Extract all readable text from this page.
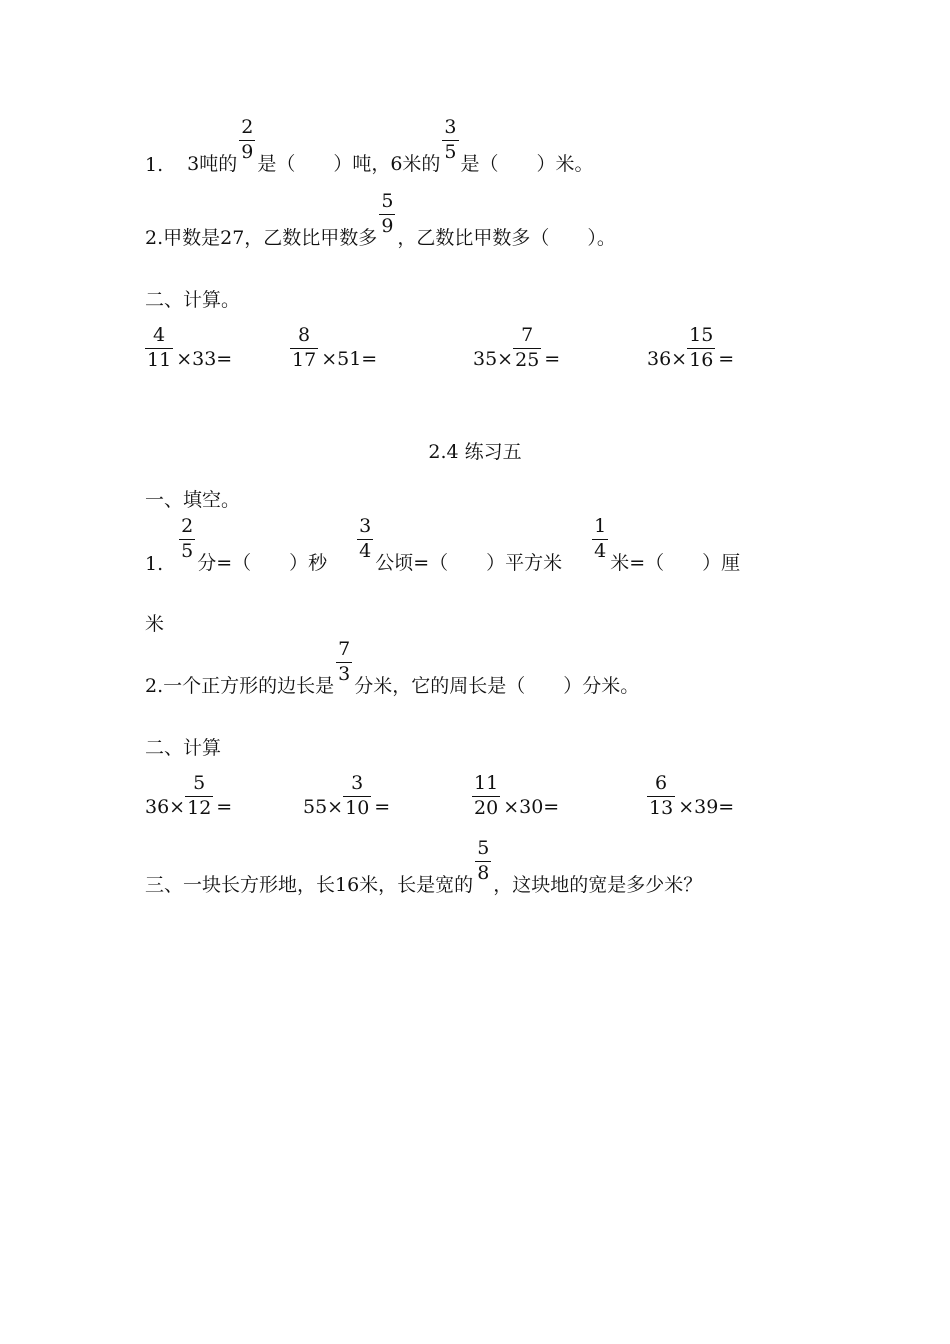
1. 3吨的
$\frac{2}{9}$
是（　　）吨，6米的
$\frac{3}{5}$
是（　　）米。
2.甲数是27，乙数比甲数多
$\frac{5}{9}$
，乙数比甲数多（　　）。
二、计算。
$\frac{4}{11} \times 33=$	$\frac{8}{17} \times 51=$	$35\times \frac{7}{25}$ =	$36\times \frac{15}{16}$ =
2.4 练习五
一、填空。
1.
$\frac{2}{5}$
分=（　　）秒
$\frac{3}{4}$
公顷=（　　）平方米
$\frac{1}{4}$
米=（　　）厘
米
2.一个正方形的边长是
$\frac{7}{3}$
分米，它的周长是（　　）分米。
二、计算
$36\times \frac{5}{12}$ =	$55\times \frac{3}{10}$ =	$\frac{11}{20} \times 30=$	$\frac{6}{13} \times 39=$
三、一块长方形地，长16米，长是宽的
$\frac{5}{8}$
，这块地的宽是多少米？
